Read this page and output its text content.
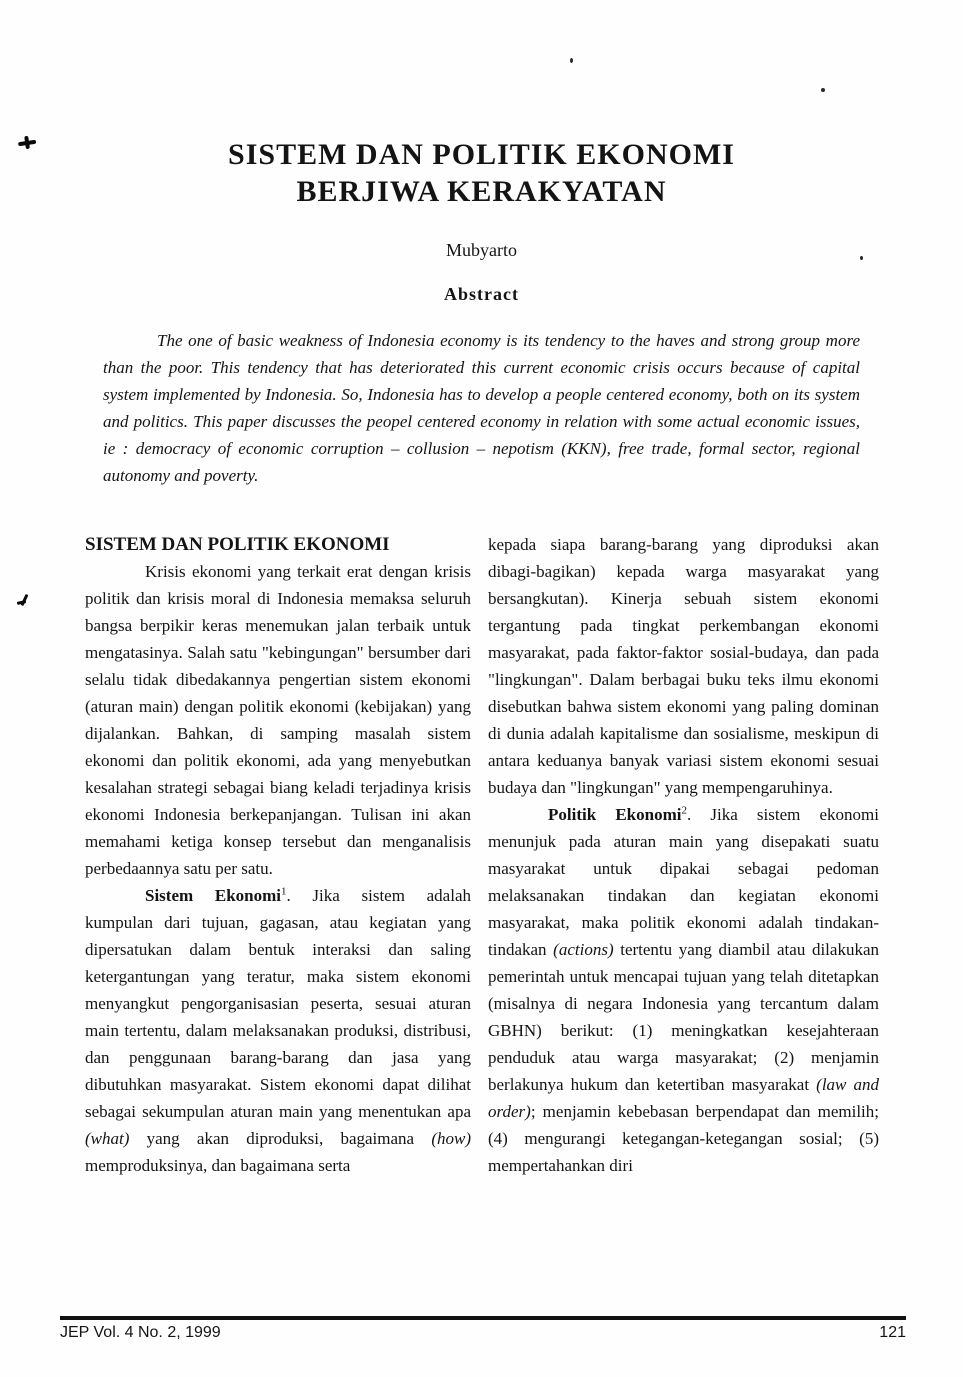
SISTEM DAN POLITIK EKONOMI
BERJIWA KERAKYATAN
Mubyarto
Abstract
The one of basic weakness of Indonesia economy is its tendency to the haves and strong group more than the poor. This tendency that has deteriorated this current economic crisis occurs because of capital system implemented by Indonesia. So, Indonesia has to develop a people centered economy, both on its system and politics. This paper discusses the peopel centered economy in relation with some actual economic issues, ie : democracy of economic corruption – collusion – nepotism (KKN), free trade, formal sector, regional autonomy and poverty.
SISTEM DAN POLITIK EKONOMI

Krisis ekonomi yang terkait erat dengan krisis politik dan krisis moral di Indonesia memaksa seluruh bangsa berpikir keras menemukan jalan terbaik untuk mengatasinya. Salah satu "kebingungan" bersumber dari selalu tidak dibedakannya pengertian sistem ekonomi (aturan main) dengan politik ekonomi (kebijakan) yang dijalankan. Bahkan, di samping masalah sistem ekonomi dan politik ekonomi, ada yang menyebutkan kesalahan strategi sebagai biang keladi terjadinya krisis ekonomi Indonesia berkepanjangan. Tulisan ini akan memahami ketiga konsep tersebut dan menganalisis perbedaannya satu per satu.

Sistem Ekonomi$^1$. Jika sistem adalah kumpulan dari tujuan, gagasan, atau kegiatan yang dipersatukan dalam bentuk interaksi dan saling ketergantungan yang teratur, maka sistem ekonomi menyangkut pengorganisasian peserta, sesuai aturan main tertentu, dalam melaksanakan produksi, distribusi, dan penggunaan barang-barang dan jasa yang dibutuhkan masyarakat. Sistem ekonomi dapat dilihat sebagai sekumpulan aturan main yang menentukan apa (what) yang akan diproduksi, bagaimana (how) memproduksinya, dan bagaimana serta

kepada siapa barang-barang yang diproduksi akan dibagi-bagikan) kepada warga masyarakat yang bersangkutan). Kinerja sebuah sistem ekonomi tergantung pada tingkat perkembangan ekonomi masyarakat, pada faktor-faktor sosial-budaya, dan pada "lingkungan". Dalam berbagai buku teks ilmu ekonomi disebutkan bahwa sistem ekonomi yang paling dominan di dunia adalah kapitalisme dan sosialisme, meskipun di antara keduanya banyak variasi sistem ekonomi sesuai budaya dan "lingkungan" yang mempengaruhinya.

Politik Ekonomi$^2$. Jika sistem ekonomi menunjuk pada aturan main yang disepakati suatu masyarakat untuk dipakai sebagai pedoman melaksanakan tindakan dan kegiatan ekonomi masyarakat, maka politik ekonomi adalah tindakan-tindakan (actions) tertentu yang diambil atau dilakukan pemerintah untuk mencapai tujuan yang telah ditetapkan (misalnya di negara Indonesia yang tercantum dalam GBHN) berikut: (1) meningkatkan kesejahteraan penduduk atau warga masyarakat; (2) menjamin berlakunya hukum dan ketertiban masyarakat (law and order); menjamin kebebasan berpendapat dan memilih; (4) mengurangi ketegangan-ketegangan sosial; (5) mempertahankan diri

JEP Vol. 4 No. 2, 1999	121
